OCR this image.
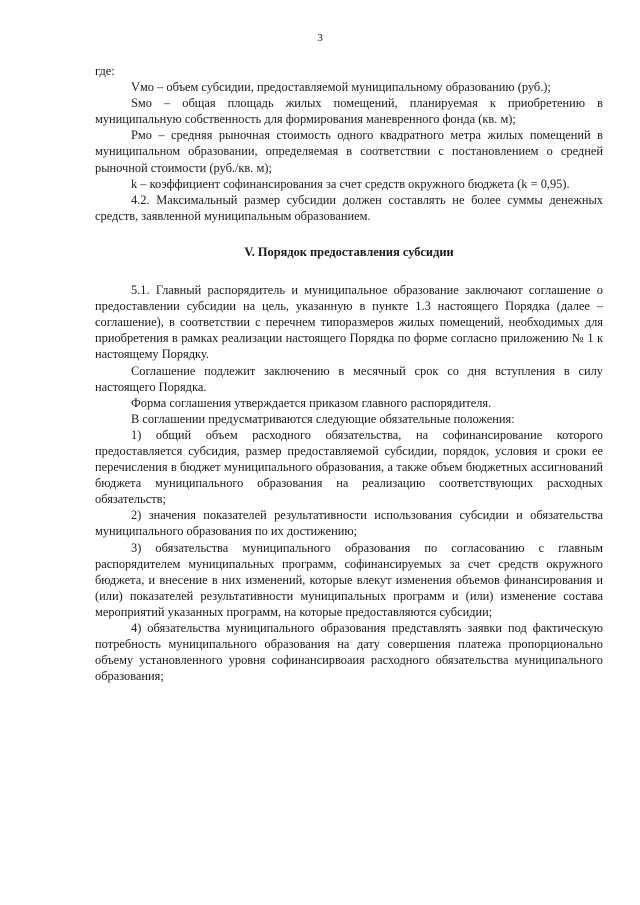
3

где:

Vмо – объем субсидии, предоставляемой муниципальному образованию (руб.);

Sмо – общая площадь жилых помещений, планируемая к приобретению в муниципальную собственность для формирования маневренного фонда (кв. м);

Рмо – средняя рыночная стоимость одного квадратного метра жилых помещений в муниципальном образовании, определяемая в соответствии с постановлением о средней рыночной стоимости (руб./кв. м);

k – коэффициент софинансирования за счет средств окружного бюджета (k = 0,95).

4.2. Максимальный размер субсидии должен составлять не более суммы денежных средств, заявленной муниципальным образованием.

V. Порядок предоставления субсидии

5.1. Главный распорядитель и муниципальное образование заключают соглашение о предоставлении субсидии на цель, указанную в пункте 1.3 настоящего Порядка (далее – соглашение), в соответствии с перечнем типоразмеров жилых помещений, необходимых для приобретения в рамках реализации настоящего Порядка по форме согласно приложению № 1 к настоящему Порядку.

Соглашение подлежит заключению в месячный срок со дня вступления в силу настоящего Порядка.

Форма соглашения утверждается приказом главного распорядителя.

В соглашении предусматриваются следующие обязательные положения:

1) общий объем расходного обязательства, на софинансирование которого предоставляется субсидия, размер предоставляемой субсидии, порядок, условия и сроки ее перечисления в бюджет муниципального образования, а также объем бюджетных ассигнований бюджета муниципального образования на реализацию соответствующих расходных обязательств;

2) значения показателей результативности использования субсидии и обязательства муниципального образования по их достижению;

3) обязательства муниципального образования по согласованию с главным распорядителем муниципальных программ, софинансируемых за счет средств окружного бюджета, и внесение в них изменений, которые влекут изменения объемов финансирования и (или) показателей результативности муниципальных программ и (или) изменение состава мероприятий указанных программ, на которые предоставляются субсидии;

4) обязательства муниципального образования представлять заявки под фактическую потребность муниципального образования на дату совершения платежа пропорционально объему установленного уровня софинансирвоаия расходного обязательства муниципального образования;
